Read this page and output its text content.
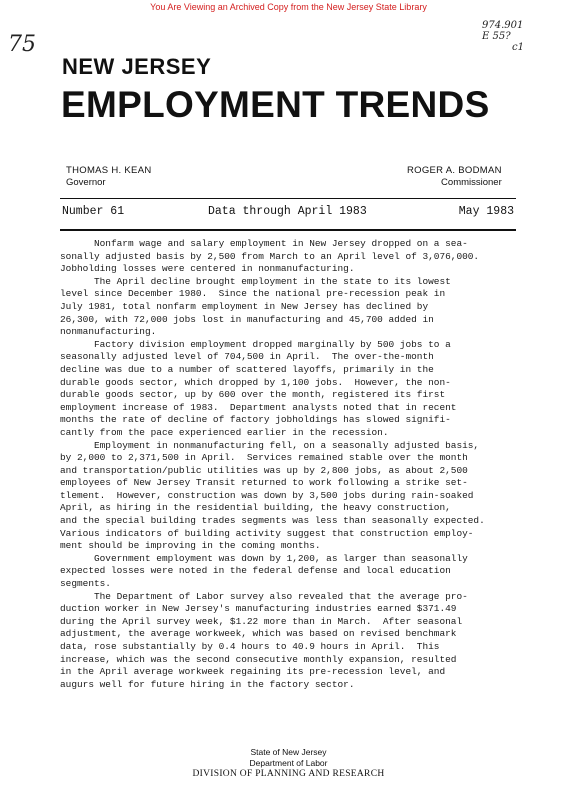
You Are Viewing an Archived Copy from the New Jersey State Library
75
974.901
E 55?
c1
NEW JERSEY
EMPLOYMENT TRENDS
THOMAS H. KEAN
Governor
ROGER A. BODMAN
Commissioner
Number 61	Data through April 1983	May 1983

Nonfarm wage and salary employment in New Jersey dropped on a sea-

sonally adjusted basis by 2,500 from March to an April level of 3,076,000.

Jobholding losses were centered in nonmanufacturing.

The April decline brought employment in the state to its lowest

level since December 1980.  Since the national pre-recession peak in

July 1981, total nonfarm employment in New Jersey has declined by

26,300, with 72,000 jobs lost in manufacturing and 45,700 added in

nonmanufacturing.

Factory division employment dropped marginally by 500 jobs to a

seasonally adjusted level of 704,500 in April.  The over-the-month

decline was due to a number of scattered layoffs, primarily in the

durable goods sector, which dropped by 1,100 jobs.  However, the non-

durable goods sector, up by 600 over the month, registered its first

employment increase of 1983.  Department analysts noted that in recent

months the rate of decline of factory jobholdings has slowed signifi-

cantly from the pace experienced earlier in the recession.

Employment in nonmanufacturing fell, on a seasonally adjusted basis,

by 2,000 to 2,371,500 in April.  Services remained stable over the month

and transportation/public utilities was up by 2,800 jobs, as about 2,500

employees of New Jersey Transit returned to work following a strike set-

tlement.  However, construction was down by 3,500 jobs during rain-soaked

April, as hiring in the residential building, the heavy construction,

and the special building trades segments was less than seasonally expected.

Various indicators of building activity suggest that construction employ-

ment should be improving in the coming months.

Government employment was down by 1,200, as larger than seasonally

expected losses were noted in the federal defense and local education

segments.

The Department of Labor survey also revealed that the average pro-

duction worker in New Jersey's manufacturing industries earned $371.49

during the April survey week, $1.22 more than in March.  After seasonal

adjustment, the average workweek, which was based on revised benchmark

data, rose substantially by 0.4 hours to 40.9 hours in April.  This

increase, which was the second consecutive monthly expansion, resulted

in the April average workweek regaining its pre-recession level, and

augurs well for future hiring in the factory sector.

State of New Jersey
Department of Labor
DIVISION OF PLANNING AND RESEARCH
